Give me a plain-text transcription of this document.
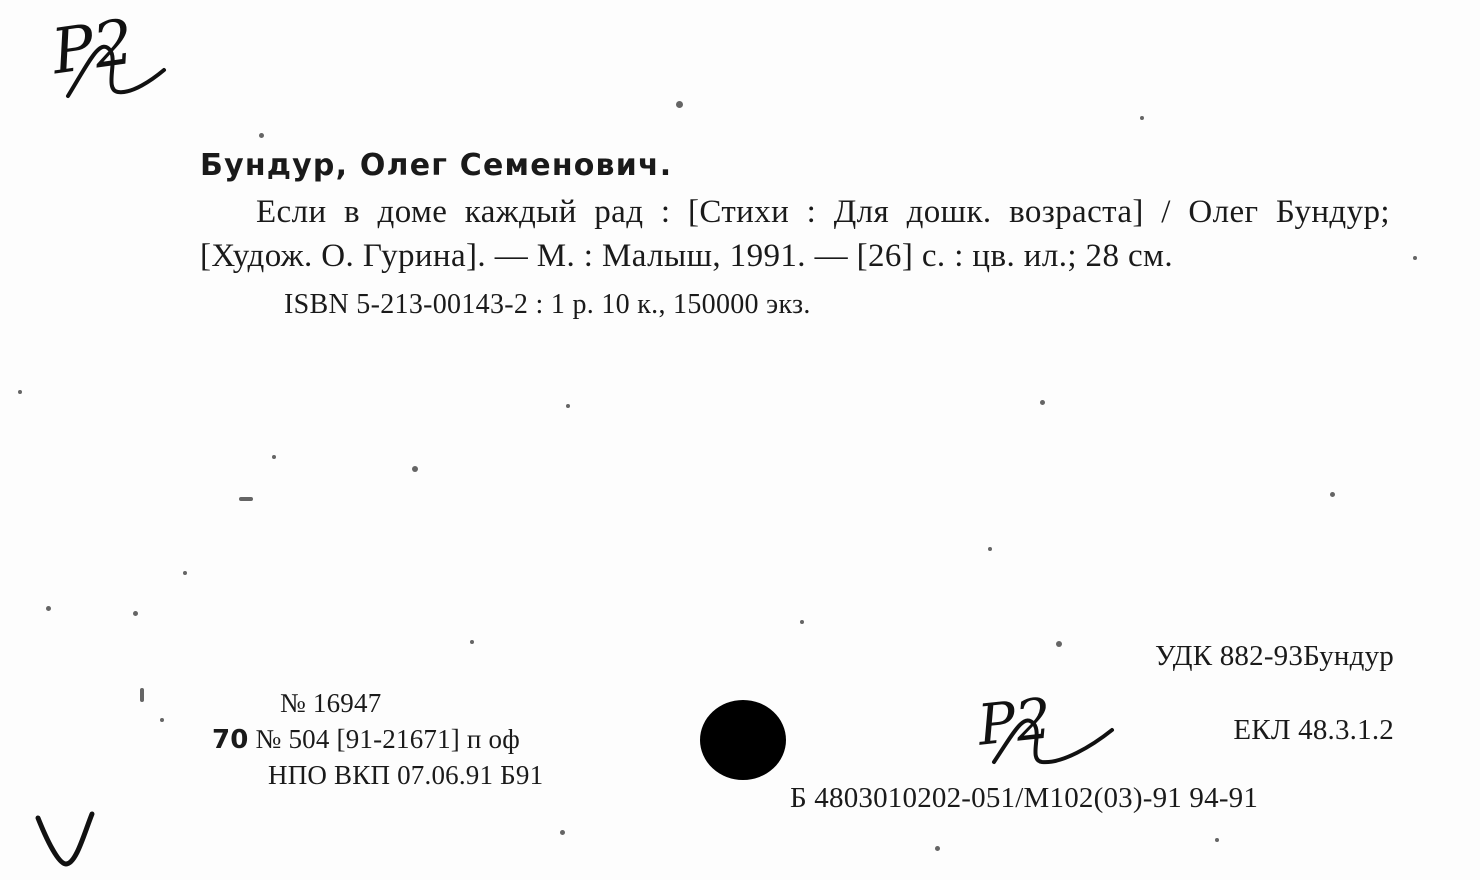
Р2
Бундур, Олег Семенович.
Если в доме каждый рад : [Стихи : Для дошк. возраста] / Олег Бундур; [Худож. О. Гурина]. — М. : Малыш, 1991. — [26] с. : цв. ил.; 28 см.
ISBN 5-213-00143-2 : 1 р. 10 к., 150000 экз.
№ 16947
70 № 504 [91-21671] п оф
НПО ВКП 07.06.91 Б91
УДК 882-93Бундур
ЕКЛ 48.3.1.2
Б 4803010202-051/М102(03)-91 94-91
Р2
